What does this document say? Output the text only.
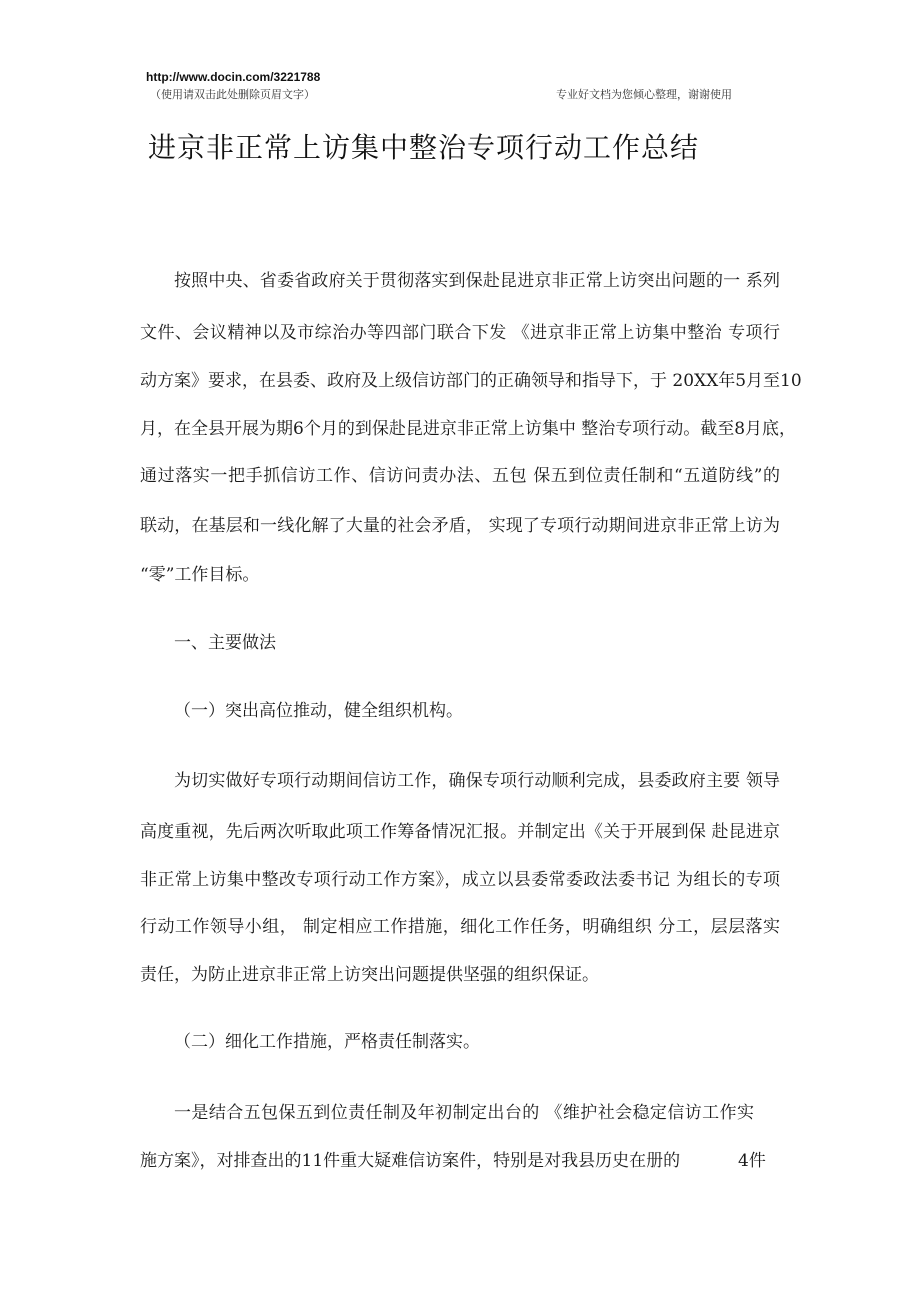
http://www.docin.com/3221788
（使用请双击此处删除页眉文字）	专业好文档为您倾心整理，谢谢使用
进京非正常上访集中整治专项行动工作总结
按照中央、省委省政府关于贯彻落实到保赴昆进京非正常上访突出问题的一 系列
文件、会议精神以及市综治办等四部门联合下发 《进京非正常上访集中整治 专项行
动方案》要求，在县委、政府及上级信访部门的正确领导和指导下，于 20XX年5月至10
月，在全县开展为期6个月的到保赴昆进京非正常上访集中 整治专项行动。截至8月底，
通过落实一把手抓信访工作、信访问责办法、五包 保五到位责任制和“五道防线”的
联动，在基层和一线化解了大量的社会矛盾， 实现了专项行动期间进京非正常上访为
“零”工作目标。
一、主要做法
（一）突出高位推动，健全组织机构。
为切实做好专项行动期间信访工作，确保专项行动顺利完成，县委政府主要 领导
高度重视，先后两次听取此项工作筹备情况汇报。并制定出《关于开展到保 赴昆进京
非正常上访集中整改专项行动工作方案》，成立以县委常委政法委书记 为组长的专项
行动工作领导小组， 制定相应工作措施，细化工作任务，明确组织 分工，层层落实
责任，为防止进京非正常上访突出问题提供坚强的组织保证。
（二）细化工作措施，严格责任制落实。
一是结合五包保五到位责任制及年初制定出台的 《维护社会稳定信访工作实
施方案》，对排查出的11件重大疑难信访案件，特别是对我县历史在册的	4件
